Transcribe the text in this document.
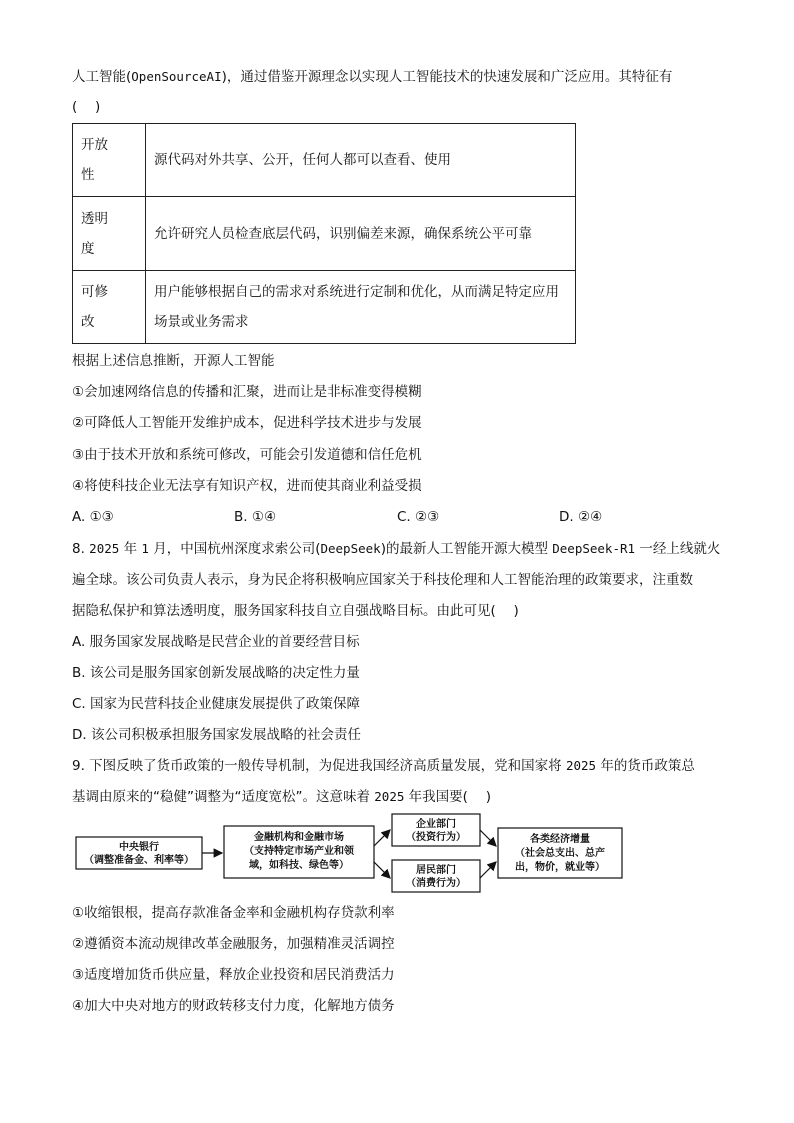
人工智能(OpenSourceAI)，通过借鉴开源理念以实现人工智能技术的快速发展和广泛应用。其特征有
(　 )
开放
性	源代码对外共享、公开，任何人都可以查看、使用
透明
度	允许研究人员检查底层代码，识别偏差来源，确保系统公平可靠
可修
改	用户能够根据自己的需求对系统进行定制和优化，从而满足特定应用
场景或业务需求
根据上述信息推断，开源人工智能
①会加速网络信息的传播和汇聚，进而让是非标准变得模糊
②可降低人工智能开发维护成本，促进科学技术进步与发展
③由于技术开放和系统可修改，可能会引发道德和信任危机
④将使科技企业无法享有知识产权，进而使其商业利益受损
A. ①③	B. ①④	C. ②③	D. ②④
8. 2025 年 1 月，中国杭州深度求索公司(DeepSeek)的最新人工智能开源大模型 DeepSeek-R1 一经上线就火
遍全球。该公司负责人表示，身为民企将积极响应国家关于科技伦理和人工智能治理的政策要求，注重数
据隐私保护和算法透明度，服务国家科技自立自强战略目标。由此可见(　 )
A. 服务国家发展战略是民营企业的首要经营目标
B. 该公司是服务国家创新发展战略的决定性力量
C. 国家为民营科技企业健康发展提供了政策保障
D. 该公司积极承担服务国家发展战略的社会责任
9. 下图反映了货币政策的一般传导机制，为促进我国经济高质量发展，党和国家将 2025 年的货币政策总
基调由原来的“稳健”调整为“适度宽松”。这意味着 2025 年我国要(　 )
中央银行
（调整准备金、利率等）
金融机构和金融市场
（支持特定市场产业和领
域，如科技、绿色等）
企业部门
（投资行为）
居民部门
（消费行为）
各类经济增量
（社会总支出、总产
出，物价，就业等）
①收缩银根，提高存款准备金率和金融机构存贷款利率
②遵循资本流动规律改革金融服务，加强精准灵活调控
③适度增加货币供应量，释放企业投资和居民消费活力
④加大中央对地方的财政转移支付力度，化解地方债务
